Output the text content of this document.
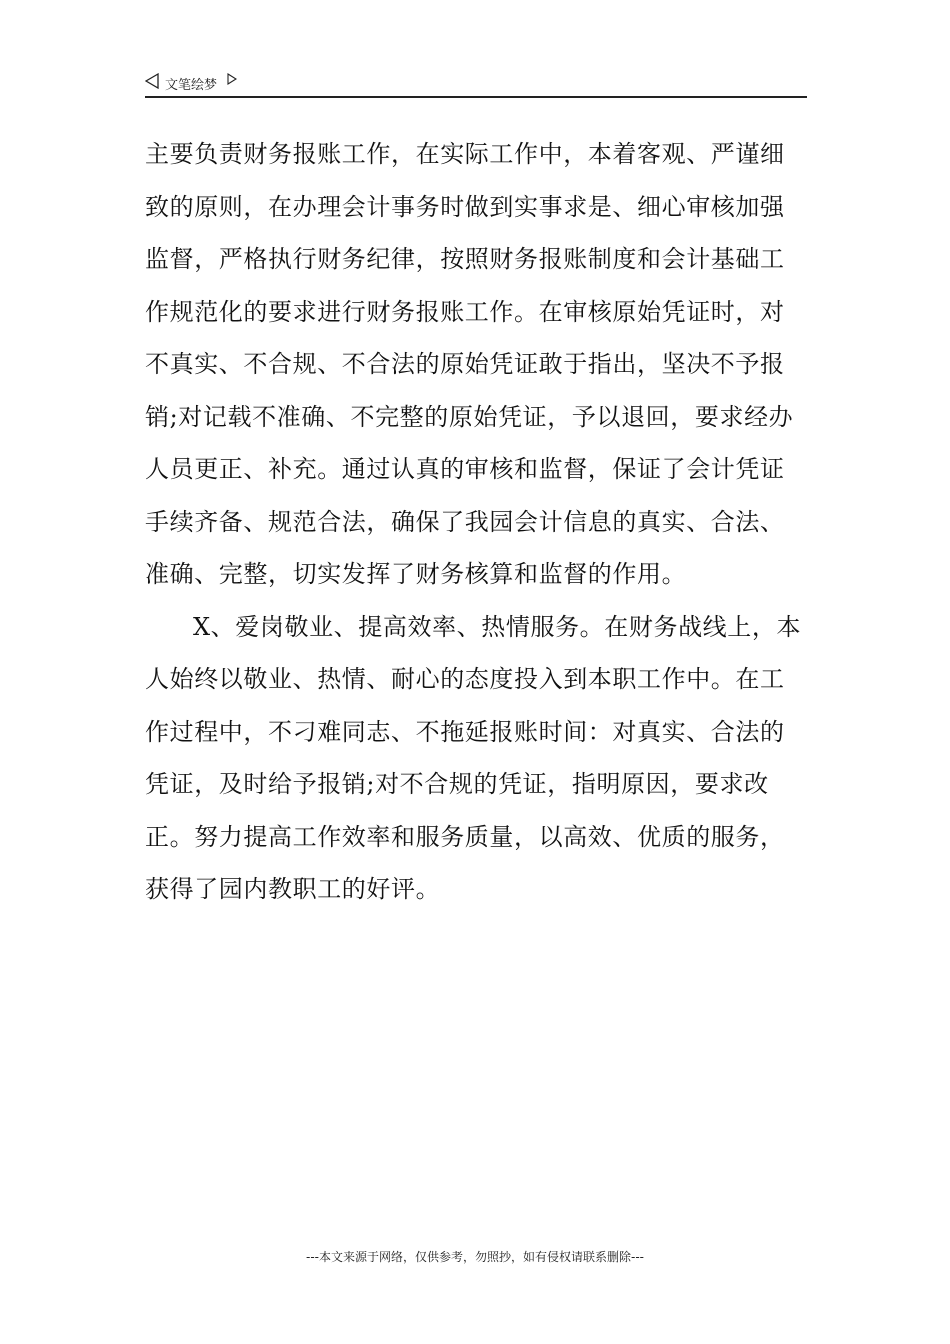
文笔绘梦

主要负责财务报账工作，在实际工作中，本着客观、严谨细致的原则，在办理会计事务时做到实事求是、细心审核加强监督，严格执行财务纪律，按照财务报账制度和会计基础工作规范化的要求进行财务报账工作。在审核原始凭证时，对不真实、不合规、不合法的原始凭证敢于指出，坚决不予报销;对记载不准确、不完整的原始凭证，予以退回，要求经办人员更正、补充。通过认真的审核和监督，保证了会计凭证手续齐备、规范合法，确保了我园会计信息的真实、合法、准确、完整，切实发挥了财务核算和监督的作用。

X、爱岗敬业、提高效率、热情服务。在财务战线上，本人始终以敬业、热情、耐心的态度投入到本职工作中。在工作过程中，不刁难同志、不拖延报账时间：对真实、合法的凭证，及时给予报销;对不合规的凭证，指明原因，要求改正。努力提高工作效率和服务质量，以高效、优质的服务，获得了园内教职工的好评。

---本文来源于网络，仅供参考，勿照抄，如有侵权请联系删除---
